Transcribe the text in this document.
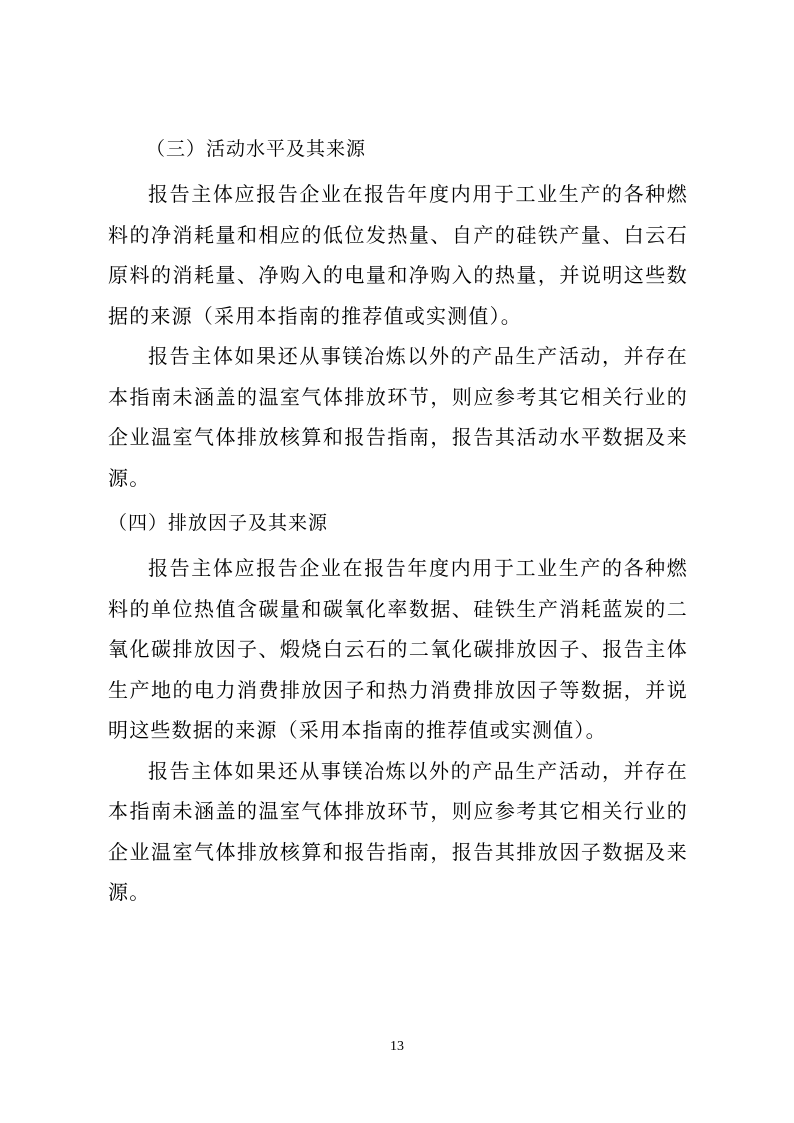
（三）活动水平及其来源

报告主体应报告企业在报告年度内用于工业生产的各种燃料的净消耗量和相应的低位发热量、自产的硅铁产量、白云石原料的消耗量、净购入的电量和净购入的热量，并说明这些数据的来源（采用本指南的推荐值或实测值）。

报告主体如果还从事镁冶炼以外的产品生产活动，并存在本指南未涵盖的温室气体排放环节，则应参考其它相关行业的企业温室气体排放核算和报告指南，报告其活动水平数据及来源。

（四）排放因子及其来源

报告主体应报告企业在报告年度内用于工业生产的各种燃料的单位热值含碳量和碳氧化率数据、硅铁生产消耗蓝炭的二氧化碳排放因子、煅烧白云石的二氧化碳排放因子、报告主体生产地的电力消费排放因子和热力消费排放因子等数据，并说明这些数据的来源（采用本指南的推荐值或实测值）。

报告主体如果还从事镁冶炼以外的产品生产活动，并存在本指南未涵盖的温室气体排放环节，则应参考其它相关行业的企业温室气体排放核算和报告指南，报告其排放因子数据及来源。

13
